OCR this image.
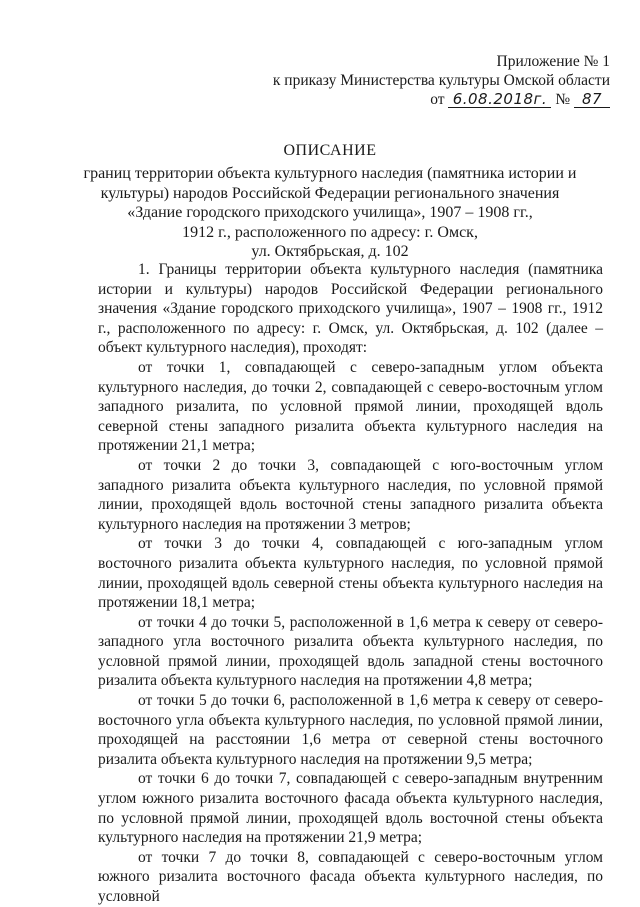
Приложение № 1
к приказу Министерства культуры Омской области
от 6.08.2018г. № 87
ОПИСАНИЕ
границ территории объекта культурного наследия (памятника истории и
культуры) народов Российской Федерации регионального значения
«Здание городского приходского училища», 1907 – 1908 гг.,
1912 г., расположенного по адресу: г. Омск,
ул. Октябрьская, д. 102

1. Границы территории объекта культурного наследия (памятника истории и культуры) народов Российской Федерации регионального значения «Здание городского приходского училища», 1907 – 1908 гг., 1912 г., расположенного по адресу: г. Омск, ул. Октябрьская, д. 102 (далее – объект культурного наследия), проходят:

от точки 1, совпадающей с северо-западным углом объекта культурного наследия, до точки 2, совпадающей с северо-восточным углом западного ризалита, по условной прямой линии, проходящей вдоль северной стены западного ризалита объекта культурного наследия на протяжении 21,1 метра;

от точки 2 до точки 3, совпадающей с юго-восточным углом западного ризалита объекта культурного наследия, по условной прямой линии, проходящей вдоль восточной стены западного ризалита объекта культурного наследия на протяжении 3 метров;

от точки 3 до точки 4, совпадающей с юго-западным углом восточного ризалита объекта культурного наследия, по условной прямой линии, проходящей вдоль северной стены объекта культурного наследия на протяжении 18,1 метра;

от точки 4 до точки 5, расположенной в 1,6 метра к северу от северо-западного угла восточного ризалита объекта культурного наследия, по условной прямой линии, проходящей вдоль западной стены восточного ризалита объекта культурного наследия на протяжении 4,8 метра;

от точки 5 до точки 6, расположенной в 1,6 метра к северу от северо-восточного угла объекта культурного наследия, по условной прямой линии, проходящей на расстоянии 1,6 метра от северной стены восточного ризалита объекта культурного наследия на протяжении 9,5 метра;

от точки 6 до точки 7, совпадающей с северо-западным внутренним углом южного ризалита восточного фасада объекта культурного наследия, по условной прямой линии, проходящей вдоль восточной стены объекта культурного наследия на протяжении 21,9 метра;

от точки 7 до точки 8, совпадающей с северо-восточным углом южного ризалита восточного фасада объекта культурного наследия, по условной
